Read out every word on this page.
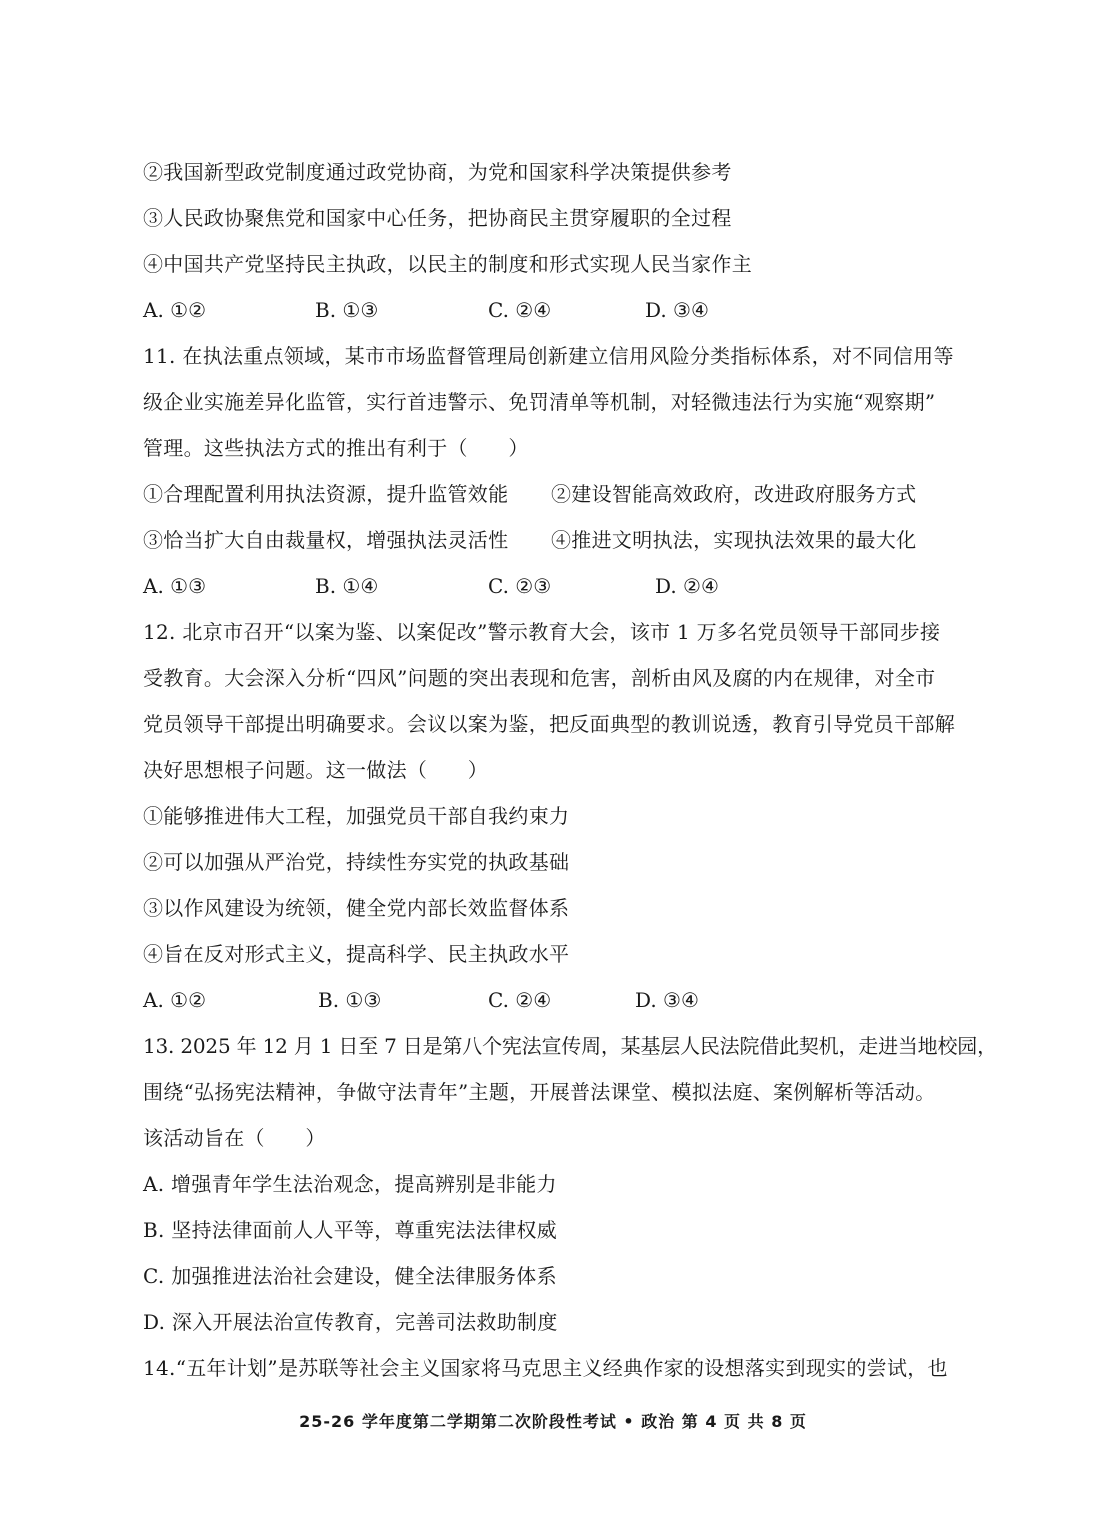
②我国新型政党制度通过政党协商，为党和国家科学决策提供参考
③人民政协聚焦党和国家中心任务，把协商民主贯穿履职的全过程
④中国共产党坚持民主执政，以民主的制度和形式实现人民当家作主
A. ①②	B. ①③	C. ②④	D. ③④
11. 在执法重点领域，某市市场监督管理局创新建立信用风险分类指标体系，对不同信用等
级企业实施差异化监管，实行首违警示、免罚清单等机制，对轻微违法行为实施“观察期”
管理。这些执法方式的推出有利于（　　）
①合理配置利用执法资源，提升监管效能 ②建设智能高效政府，改进政府服务方式
③恰当扩大自由裁量权，增强执法灵活性 ④推进文明执法，实现执法效果的最大化
A. ①③	B. ①④	C. ②③	D. ②④
12. 北京市召开“以案为鉴、以案促改”警示教育大会，该市 1 万多名党员领导干部同步接
受教育。大会深入分析“四风”问题的突出表现和危害，剖析由风及腐的内在规律，对全市
党员领导干部提出明确要求。会议以案为鉴，把反面典型的教训说透，教育引导党员干部解
决好思想根子问题。这一做法（　　）
①能够推进伟大工程，加强党员干部自我约束力
②可以加强从严治党，持续性夯实党的执政基础
③以作风建设为统领，健全党内部长效监督体系
④旨在反对形式主义，提高科学、民主执政水平
A. ①②	B. ①③	C. ②④	D. ③④
13. 2025 年 12 月 1 日至 7 日是第八个宪法宣传周，某基层人民法院借此契机，走进当地校园，
围绕“弘扬宪法精神，争做守法青年”主题，开展普法课堂、模拟法庭、案例解析等活动。
该活动旨在（　　）
A. 增强青年学生法治观念，提高辨别是非能力
B. 坚持法律面前人人平等，尊重宪法法律权威
C. 加强推进法治社会建设，健全法律服务体系
D. 深入开展法治宣传教育，完善司法救助制度
14.“五年计划”是苏联等社会主义国家将马克思主义经典作家的设想落实到现实的尝试，也
25-26 学年度第二学期第二次阶段性考试 • 政治 第 4 页 共 8 页
